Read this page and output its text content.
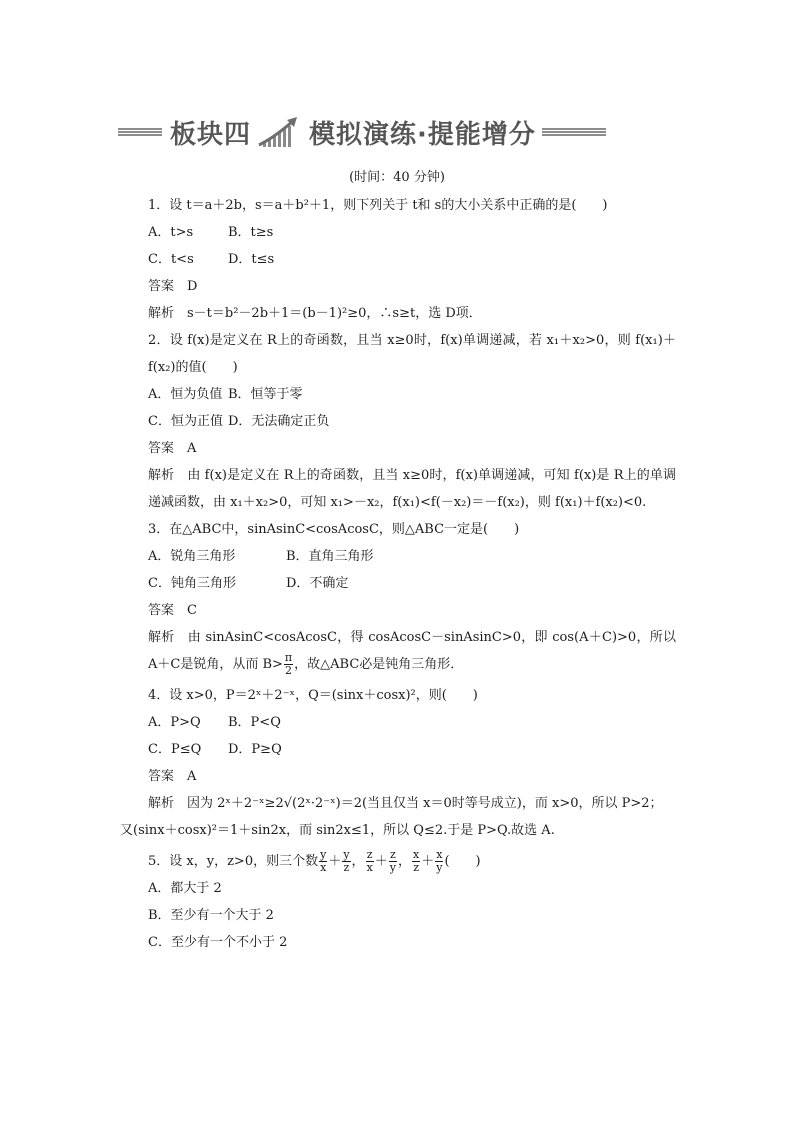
板块四 模拟演练·提能增分
(时间：40 分钟)

1．设 t＝a＋2b，s＝a＋b²＋1，则下列关于 t和 s的大小关系中正确的是(　　)

A．t>s	B．t≥s
C．t<s	D．t≤s

答案　D

解析　s－t＝b²－2b＋1＝(b－1)²≥0，∴s≥t，选 D项．

2．设 f(x)是定义在 R上的奇函数，且当 x≥0时，f(x)单调递减，若 x₁＋x₂>0，则 f(x₁)＋f(x₂)的值(　　)

A．恒为负值 B．恒等于零
C．恒为正值 D．无法确定正负

答案　A

解析　由 f(x)是定义在 R上的奇函数，且当 x≥0时，f(x)单调递减，可知 f(x)是 R上的单调递减函数，由 x₁＋x₂>0，可知 x₁>－x₂，f(x₁)<f(－x₂)＝－f(x₂)，则 f(x₁)＋f(x₂)<0.

3．在△ABC中，sinAsinC<cosAcosC，则△ABC一定是(　　)

A．锐角三角形	B．直角三角形
C．钝角三角形	D．不确定

答案　C

解析　由 sinAsinC<cosAcosC，得 cosAcosC－sinAsinC>0，即 cos(A＋C)>0，所以 A＋C是锐角，从而 $B> \frac{\pi}{2}$ ，故△ABC必是钝角三角形．

4．设 x>0，P＝2ˣ＋2⁻ˣ，Q＝(sinx＋cosx)²，则(　　)

A．P>Q B．P<Q
C．P≤Q D．P≥Q

答案　A

解析　因为 2ˣ＋2⁻ˣ≥2√(2ˣ·2⁻ˣ)＝2(当且仅当 x＝0时等号成立)，而 x>0，所以 P>2；

又(sinx＋cosx)²＝1＋sin2x，而 sin2x≤1，所以 Q≤2.于是 P>Q.故选 A.

5．设 x，y，z>0，则三个数 $\frac{y}{x} + \frac{y}{z}$ ， $\frac{z}{x} + \frac{z}{y}$ ， $\frac{x}{z} + \frac{x}{y}$ (　　)

A．都大于 2
B．至少有一个大于 2
C．至少有一个不小于 2
